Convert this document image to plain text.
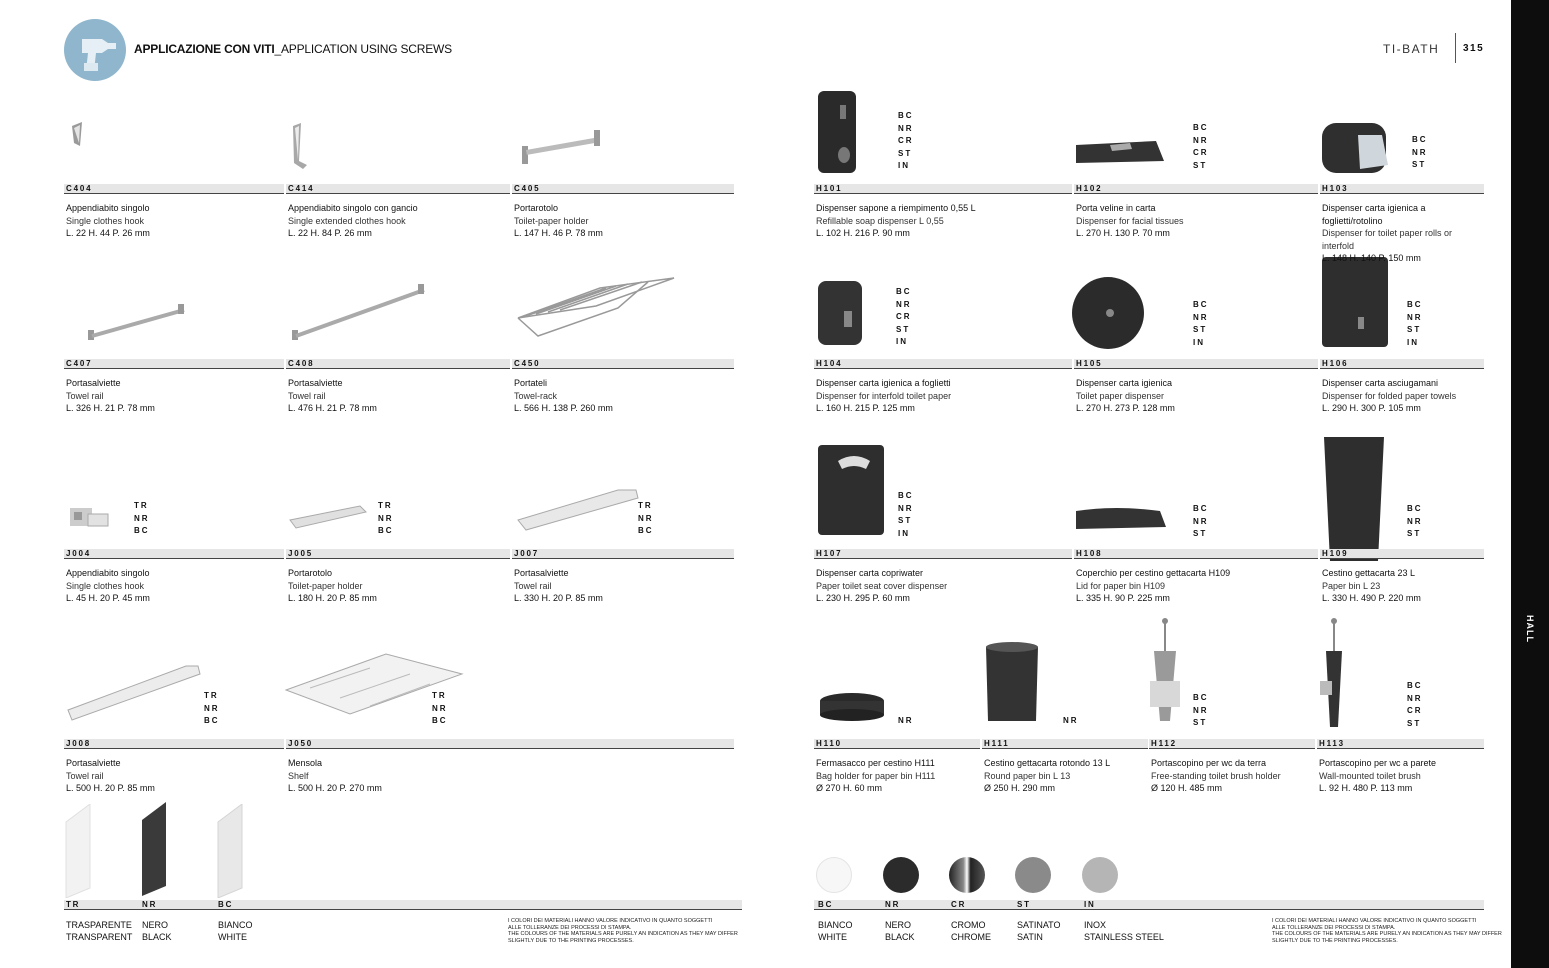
APPLICAZIONE CON VITI_APPLICATION USING SCREWS	TI-BATH 315
HALL
C404
Appendiabito singolo
Single clothes hook
L. 22 H. 44 P. 26 mm
C414
Appendiabito singolo con gancio
Single extended clothes hook
L. 22 H. 84 P. 26 mm
C405
Portarotolo
Toilet-paper holder
L. 147 H. 46 P. 78 mm
C407
Portasalviette
Towel rail
L. 326 H. 21 P. 78 mm
C408
Portasalviette
Towel rail
L. 476 H. 21 P. 78 mm
C450
Portateli
Towel-rack
L. 566 H. 138 P. 260 mm
J004
Appendiabito singolo
Single clothes hook
L. 45 H. 20 P. 45 mm
TR
NR
BC
J005
Portarotolo
Toilet-paper holder
L. 180 H. 20 P. 85 mm
TR
NR
BC
J007
Portasalviette
Towel rail
L. 330 H. 20 P. 85 mm
TR
NR
BC
J008
Portasalviette
Towel rail
L. 500 H. 20 P. 85 mm
TR
NR
BC
J050
Mensola
Shelf
L. 500 H. 20 P. 270 mm
TR
NR
BC
H101
Dispenser sapone a riempimento 0,55 L
Refillable soap dispenser L 0,55
L. 102 H. 216 P. 90 mm
BC
NR
CR
ST
IN
H102
Porta veline in carta
Dispenser for facial tissues
L. 270 H. 130 P. 70 mm
BC
NR
CR
ST
H103
Dispenser carta igienica a foglietti/rotolino
Dispenser for toilet paper rolls or interfold
L. 148 H. 140 P. 150 mm
BC
NR
ST
H104
Dispenser carta igienica a foglietti
Dispenser for interfold toilet paper
L. 160 H. 215 P. 125 mm
BC
NR
CR
ST
IN
H105
Dispenser carta igienica
Toilet paper dispenser
L. 270 H. 273 P. 128 mm
BC
NR
ST
IN
H106
Dispenser carta asciugamani
Dispenser for folded paper towels
L. 290 H. 300 P. 105 mm
BC
NR
ST
IN
H107
Dispenser carta copriwater
Paper toilet seat cover dispenser
L. 230 H. 295 P. 60 mm
BC
NR
ST
IN
H108
Coperchio per cestino gettacarta H109
Lid for paper bin H109
L. 335 H. 90 P. 225 mm
BC
NR
ST
H109
Cestino gettacarta 23 L
Paper bin L 23
L. 330 H. 490 P. 220 mm
BC
NR
ST
H110
Fermasacco per cestino H111
Bag holder for paper bin H111
Ø 270 H. 60 mm
NR
H111
Cestino gettacarta rotondo 13 L
Round paper bin L 13
Ø 250 H. 290 mm
NR
H112
Portascopino per wc da terra
Free-standing toilet brush holder
Ø 120 H. 485 mm
BC
NR
ST
H113
Portascopino per wc a parete
Wall-mounted toilet brush
L. 92 H. 480 P. 113 mm
BC
NR
CR
ST
TR
TRASPARENTE
TRANSPARENT
NR
NERO
BLACK
BC
BIANCO
WHITE
BC
BIANCO
WHITE
NR
NERO
BLACK
CR
CROMO
CHROME
ST
SATINATO
SATIN
IN
INOX
STAINLESS STEEL
I COLORI DEI MATERIALI HANNO VALORE INDICATIVO IN QUANTO SOGGETTI
ALLE TOLLERANZE DEI PROCESSI DI STAMPA.
THE COLOURS OF THE MATERIALS ARE PURELY AN INDICATION AS THEY MAY DIFFER
SLIGHTLY DUE TO THE PRINTING PROCESSES.
I COLORI DEI MATERIALI HANNO VALORE INDICATIVO IN QUANTO SOGGETTI
ALLE TOLLERANZE DEI PROCESSI DI STAMPA.
THE COLOURS OF THE MATERIALS ARE PURELY AN INDICATION AS THEY MAY DIFFER
SLIGHTLY DUE TO THE PRINTING PROCESSES.
